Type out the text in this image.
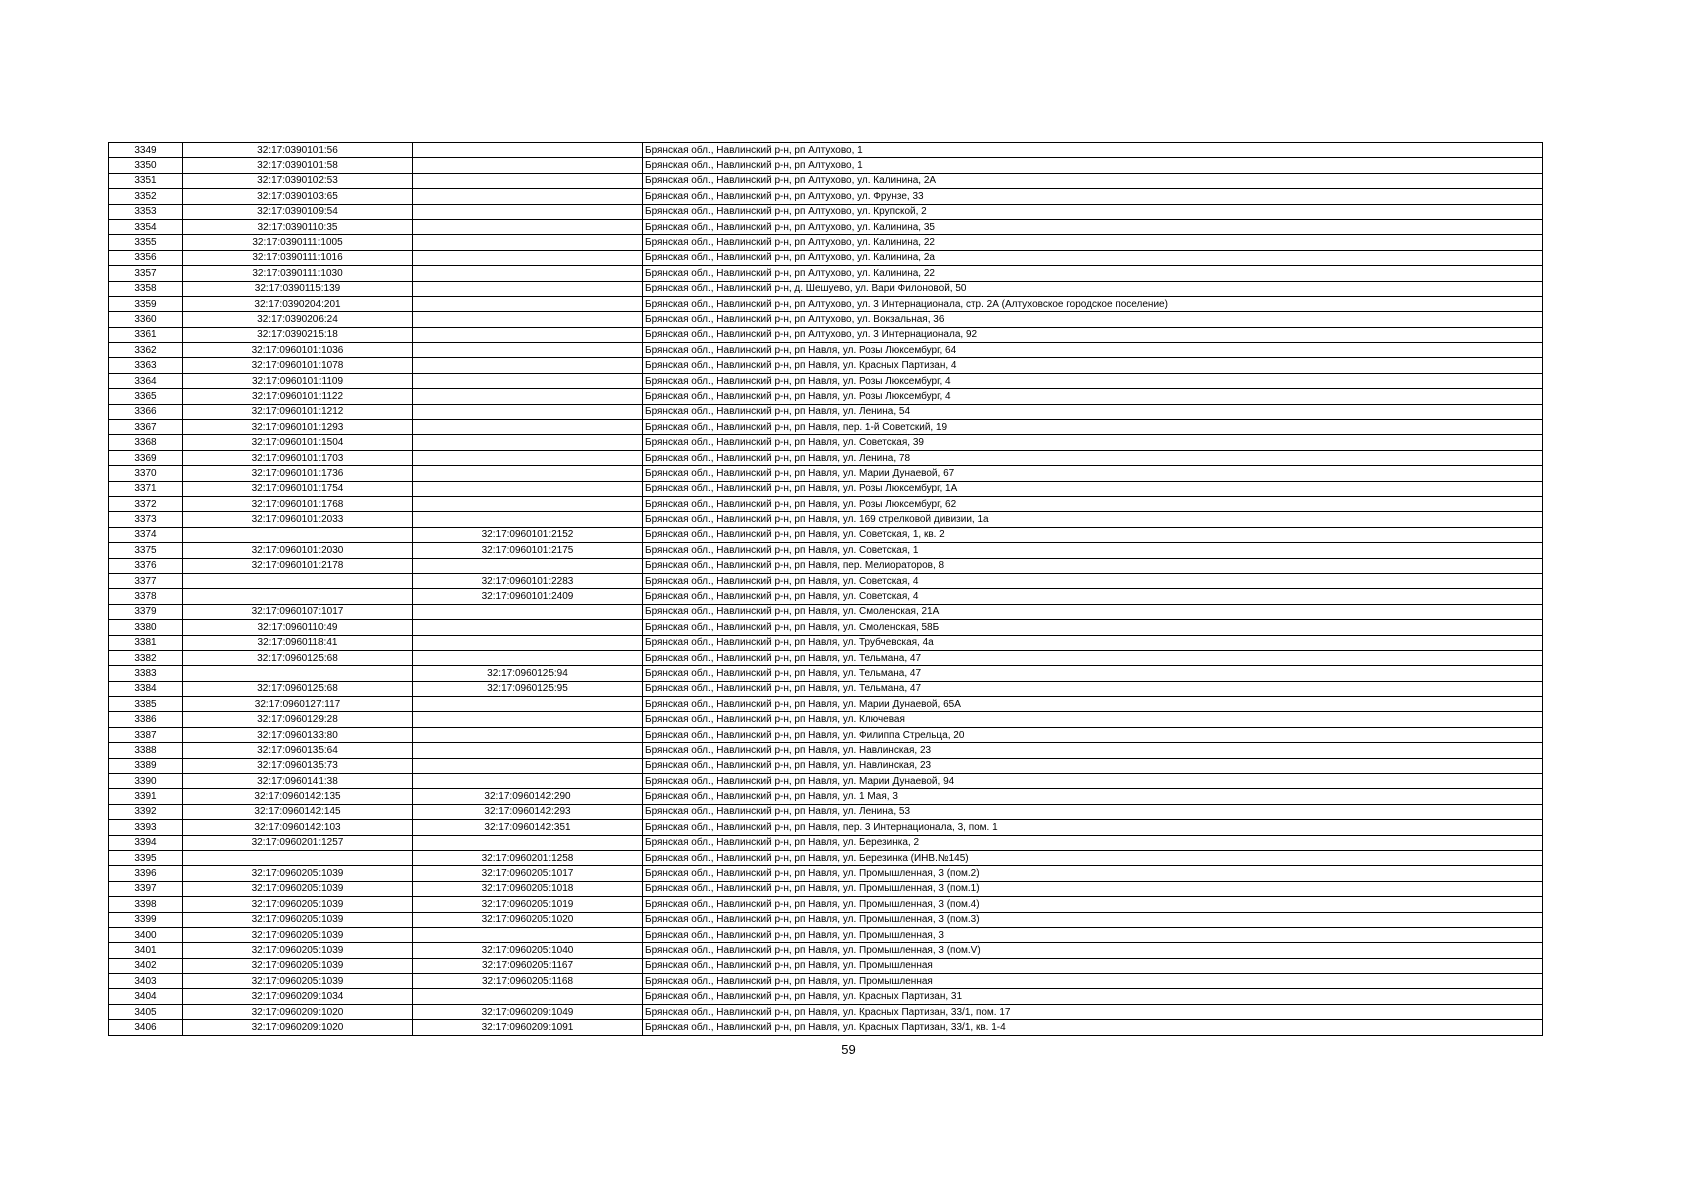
3349	32:17:0390101:56		Брянская обл., Навлинский р-н, рп Алтухово, 1
3350	32:17:0390101:58		Брянская обл., Навлинский р-н, рп Алтухово, 1
3351	32:17:0390102:53		Брянская обл., Навлинский р-н, рп Алтухово, ул. Калинина, 2А
3352	32:17:0390103:65		Брянская обл., Навлинский р-н, рп Алтухово, ул. Фрунзе, 33
3353	32:17:0390109:54		Брянская обл., Навлинский р-н, рп Алтухово, ул. Крупской, 2
3354	32:17:0390110:35		Брянская обл., Навлинский р-н, рп Алтухово, ул. Калинина, 35
3355	32:17:0390111:1005		Брянская обл., Навлинский р-н, рп Алтухово, ул. Калинина, 22
3356	32:17:0390111:1016		Брянская обл., Навлинский р-н, рп Алтухово, ул. Калинина, 2а
3357	32:17:0390111:1030		Брянская обл., Навлинский р-н, рп Алтухово, ул. Калинина, 22
3358	32:17:0390115:139		Брянская обл., Навлинский р-н, д. Шешуево, ул. Вари Филоновой, 50
3359	32:17:0390204:201		Брянская обл., Навлинский р-н, рп Алтухово, ул. 3 Интернационала, стр. 2А (Алтуховское городское поселение)
3360	32:17:0390206:24		Брянская обл., Навлинский р-н, рп Алтухово, ул. Вокзальная, 36
3361	32:17:0390215:18		Брянская обл., Навлинский р-н, рп Алтухово, ул. 3 Интернационала, 92
3362	32:17:0960101:1036		Брянская обл., Навлинский р-н, рп Навля, ул. Розы Люксембург, 64
3363	32:17:0960101:1078		Брянская обл., Навлинский р-н, рп Навля, ул. Красных Партизан, 4
3364	32:17:0960101:1109		Брянская обл., Навлинский р-н, рп Навля, ул. Розы Люксембург, 4
3365	32:17:0960101:1122		Брянская обл., Навлинский р-н, рп Навля, ул. Розы Люксембург, 4
3366	32:17:0960101:1212		Брянская обл., Навлинский р-н, рп Навля, ул. Ленина, 54
3367	32:17:0960101:1293		Брянская обл., Навлинский р-н, рп Навля, пер. 1-й Советский, 19
3368	32:17:0960101:1504		Брянская обл., Навлинский р-н, рп Навля, ул. Советская, 39
3369	32:17:0960101:1703		Брянская обл., Навлинский р-н, рп Навля, ул. Ленина, 78
3370	32:17:0960101:1736		Брянская обл., Навлинский р-н, рп Навля, ул. Марии Дунаевой, 67
3371	32:17:0960101:1754		Брянская обл., Навлинский р-н, рп Навля, ул. Розы Люксембург, 1А
3372	32:17:0960101:1768		Брянская обл., Навлинский р-н, рп Навля, ул. Розы Люксембург, 62
3373	32:17:0960101:2033		Брянская обл., Навлинский р-н, рп Навля, ул. 169 стрелковой дивизии, 1а
3374		32:17:0960101:2152	Брянская обл., Навлинский р-н, рп Навля, ул. Советская, 1, кв. 2
3375	32:17:0960101:2030	32:17:0960101:2175	Брянская обл., Навлинский р-н, рп Навля, ул. Советская, 1
3376	32:17:0960101:2178		Брянская обл., Навлинский р-н, рп Навля, пер. Мелиораторов, 8
3377		32:17:0960101:2283	Брянская обл., Навлинский р-н, рп Навля, ул. Советская, 4
3378		32:17:0960101:2409	Брянская обл., Навлинский р-н, рп Навля, ул. Советская, 4
3379	32:17:0960107:1017		Брянская обл., Навлинский р-н, рп Навля, ул. Смоленская, 21А
3380	32:17:0960110:49		Брянская обл., Навлинский р-н, рп Навля, ул. Смоленская, 58Б
3381	32:17:0960118:41		Брянская обл., Навлинский р-н, рп Навля, ул. Трубчевская, 4а
3382	32:17:0960125:68		Брянская обл., Навлинский р-н, рп Навля, ул. Тельмана, 47
3383		32:17:0960125:94	Брянская обл., Навлинский р-н, рп Навля, ул. Тельмана, 47
3384	32:17:0960125:68	32:17:0960125:95	Брянская обл., Навлинский р-н, рп Навля, ул. Тельмана, 47
3385	32:17:0960127:117		Брянская обл., Навлинский р-н, рп Навля, ул. Марии Дунаевой, 65А
3386	32:17:0960129:28		Брянская обл., Навлинский р-н, рп Навля, ул. Ключевая
3387	32:17:0960133:80		Брянская обл., Навлинский р-н, рп Навля, ул. Филиппа Стрельца, 20
3388	32:17:0960135:64		Брянская обл., Навлинский р-н, рп Навля, ул. Навлинская, 23
3389	32:17:0960135:73		Брянская обл., Навлинский р-н, рп Навля, ул. Навлинская, 23
3390	32:17:0960141:38		Брянская обл., Навлинский р-н, рп Навля, ул. Марии Дунаевой, 94
3391	32:17:0960142:135	32:17:0960142:290	Брянская обл., Навлинский р-н, рп Навля, ул. 1 Мая, 3
3392	32:17:0960142:145	32:17:0960142:293	Брянская обл., Навлинский р-н, рп Навля, ул. Ленина, 53
3393	32:17:0960142:103	32:17:0960142:351	Брянская обл., Навлинский р-н, рп Навля, пер. 3 Интернационала, 3, пом. 1
3394	32:17:0960201:1257		Брянская обл., Навлинский р-н, рп Навля, ул. Березинка, 2
3395		32:17:0960201:1258	Брянская обл., Навлинский р-н, рп Навля, ул. Березинка (ИНВ.№145)
3396	32:17:0960205:1039	32:17:0960205:1017	Брянская обл., Навлинский р-н, рп Навля, ул. Промышленная, 3 (пом.2)
3397	32:17:0960205:1039	32:17:0960205:1018	Брянская обл., Навлинский р-н, рп Навля, ул. Промышленная, 3 (пом.1)
3398	32:17:0960205:1039	32:17:0960205:1019	Брянская обл., Навлинский р-н, рп Навля, ул. Промышленная, 3 (пом.4)
3399	32:17:0960205:1039	32:17:0960205:1020	Брянская обл., Навлинский р-н, рп Навля, ул. Промышленная, 3 (пом.3)
3400	32:17:0960205:1039		Брянская обл., Навлинский р-н, рп Навля, ул. Промышленная, 3
3401	32:17:0960205:1039	32:17:0960205:1040	Брянская обл., Навлинский р-н, рп Навля, ул. Промышленная, 3 (пом.V)
3402	32:17:0960205:1039	32:17:0960205:1167	Брянская обл., Навлинский р-н, рп Навля, ул. Промышленная
3403	32:17:0960205:1039	32:17:0960205:1168	Брянская обл., Навлинский р-н, рп Навля, ул. Промышленная
3404	32:17:0960209:1034		Брянская обл., Навлинский р-н, рп Навля, ул. Красных Партизан, 31
3405	32:17:0960209:1020	32:17:0960209:1049	Брянская обл., Навлинский р-н, рп Навля, ул. Красных Партизан, 33/1, пом. 17
3406	32:17:0960209:1020	32:17:0960209:1091	Брянская обл., Навлинский р-н, рп Навля, ул. Красных Партизан, 33/1, кв. 1-4
59
